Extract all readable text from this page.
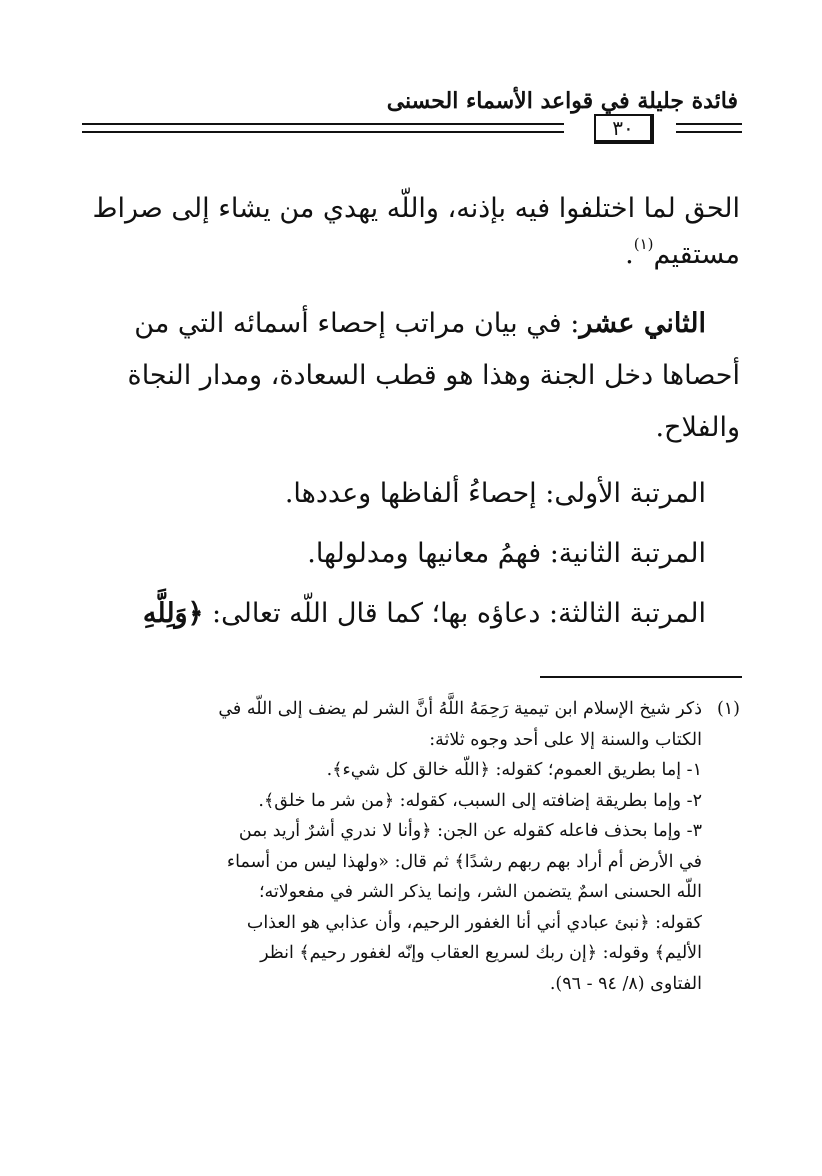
فائدة جليلة في قواعد الأسماء الحسنى
٣٠
الحق لما اختلفوا فيه بإذنه، واللّه يهدي من يشاء إلى صراط
مستقيم$^{(١)}$.
الثاني عشر: في بيان مراتب إحصاء أسمائه التي من
أحصاها دخل الجنة وهذا هو قطب السعادة، ومدار النجاة
والفلاح.
المرتبة الأولى: إحصاءُ ألفاظها وعددها.
المرتبة الثانية: فهمُ معانيها ومدلولها.
المرتبة الثالثة: دعاؤه بها؛ كما قال اللّه تعالى: ﴿وَلِلَّهِ
(١)
ذكر شيخ الإسلام ابن تيمية رَحِمَهُ اللَّهُ أنَّ الشر لم يضف إلى اللّه في
الكتاب والسنة إلا على أحد وجوه ثلاثة:
١- إما بطريق العموم؛ كقوله: ﴿اللّه خالق كل شيء﴾.
٢- وإما بطريقة إضافته إلى السبب، كقوله: ﴿من شر ما خلق﴾.
٣- وإما بحذف فاعله كقوله عن الجن: ﴿وأنا لا ندري أشرٌ أريد بمن
في الأرض أم أراد بهم ربهم رشدًا﴾ ثم قال: «ولهذا ليس من أسماء
اللّه الحسنى اسمٌ يتضمن الشر، وإنما يذكر الشر في مفعولاته؛
كقوله: ﴿نبئ عبادي أني أنا الغفور الرحيم، وأن عذابي هو العذاب
الأليم﴾ وقوله: ﴿إن ربك لسريع العقاب وإنّه لغفور رحيم﴾ انظر
الفتاوى (٨/ ٩٤ - ٩٦).
